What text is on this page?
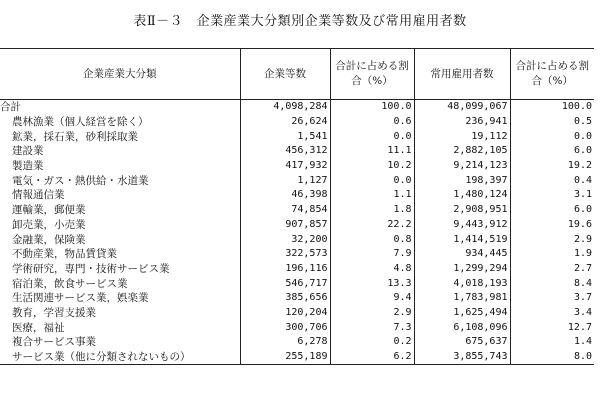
表Ⅱ－３　企業産業大分類別企業等数及び常用雇用者数
企業産業大分類	企業等数	合計に占める割合（%）	常用雇用者数	合計に占める割合（%）
合計	4,098,284	100.0	48,099,067	100.0
農林漁業（個人経営を除く）	26,624	0.6	236,941	0.5
鉱業，採石業，砂利採取業	1,541	0.0	19,112	0.0
建設業	456,312	11.1	2,882,105	6.0
製造業	417,932	10.2	9,214,123	19.2
電気・ガス・熱供給・水道業	1,127	0.0	198,397	0.4
情報通信業	46,398	1.1	1,480,124	3.1
運輸業，郵便業	74,854	1.8	2,908,951	6.0
卸売業，小売業	907,857	22.2	9,443,912	19.6
金融業，保険業	32,200	0.8	1,414,519	2.9
不動産業，物品賃貸業	322,573	7.9	934,445	1.9
学術研究，専門・技術サービス業	196,116	4.8	1,299,294	2.7
宿泊業，飲食サービス業	546,717	13.3	4,018,193	8.4
生活関連サービス業，娯楽業	385,656	9.4	1,783,981	3.7
教育，学習支援業	120,204	2.9	1,625,494	3.4
医療，福祉	300,706	7.3	6,108,096	12.7
複合サービス事業	6,278	0.2	675,637	1.4
サービス業（他に分類されないもの）	255,189	6.2	3,855,743	8.0
